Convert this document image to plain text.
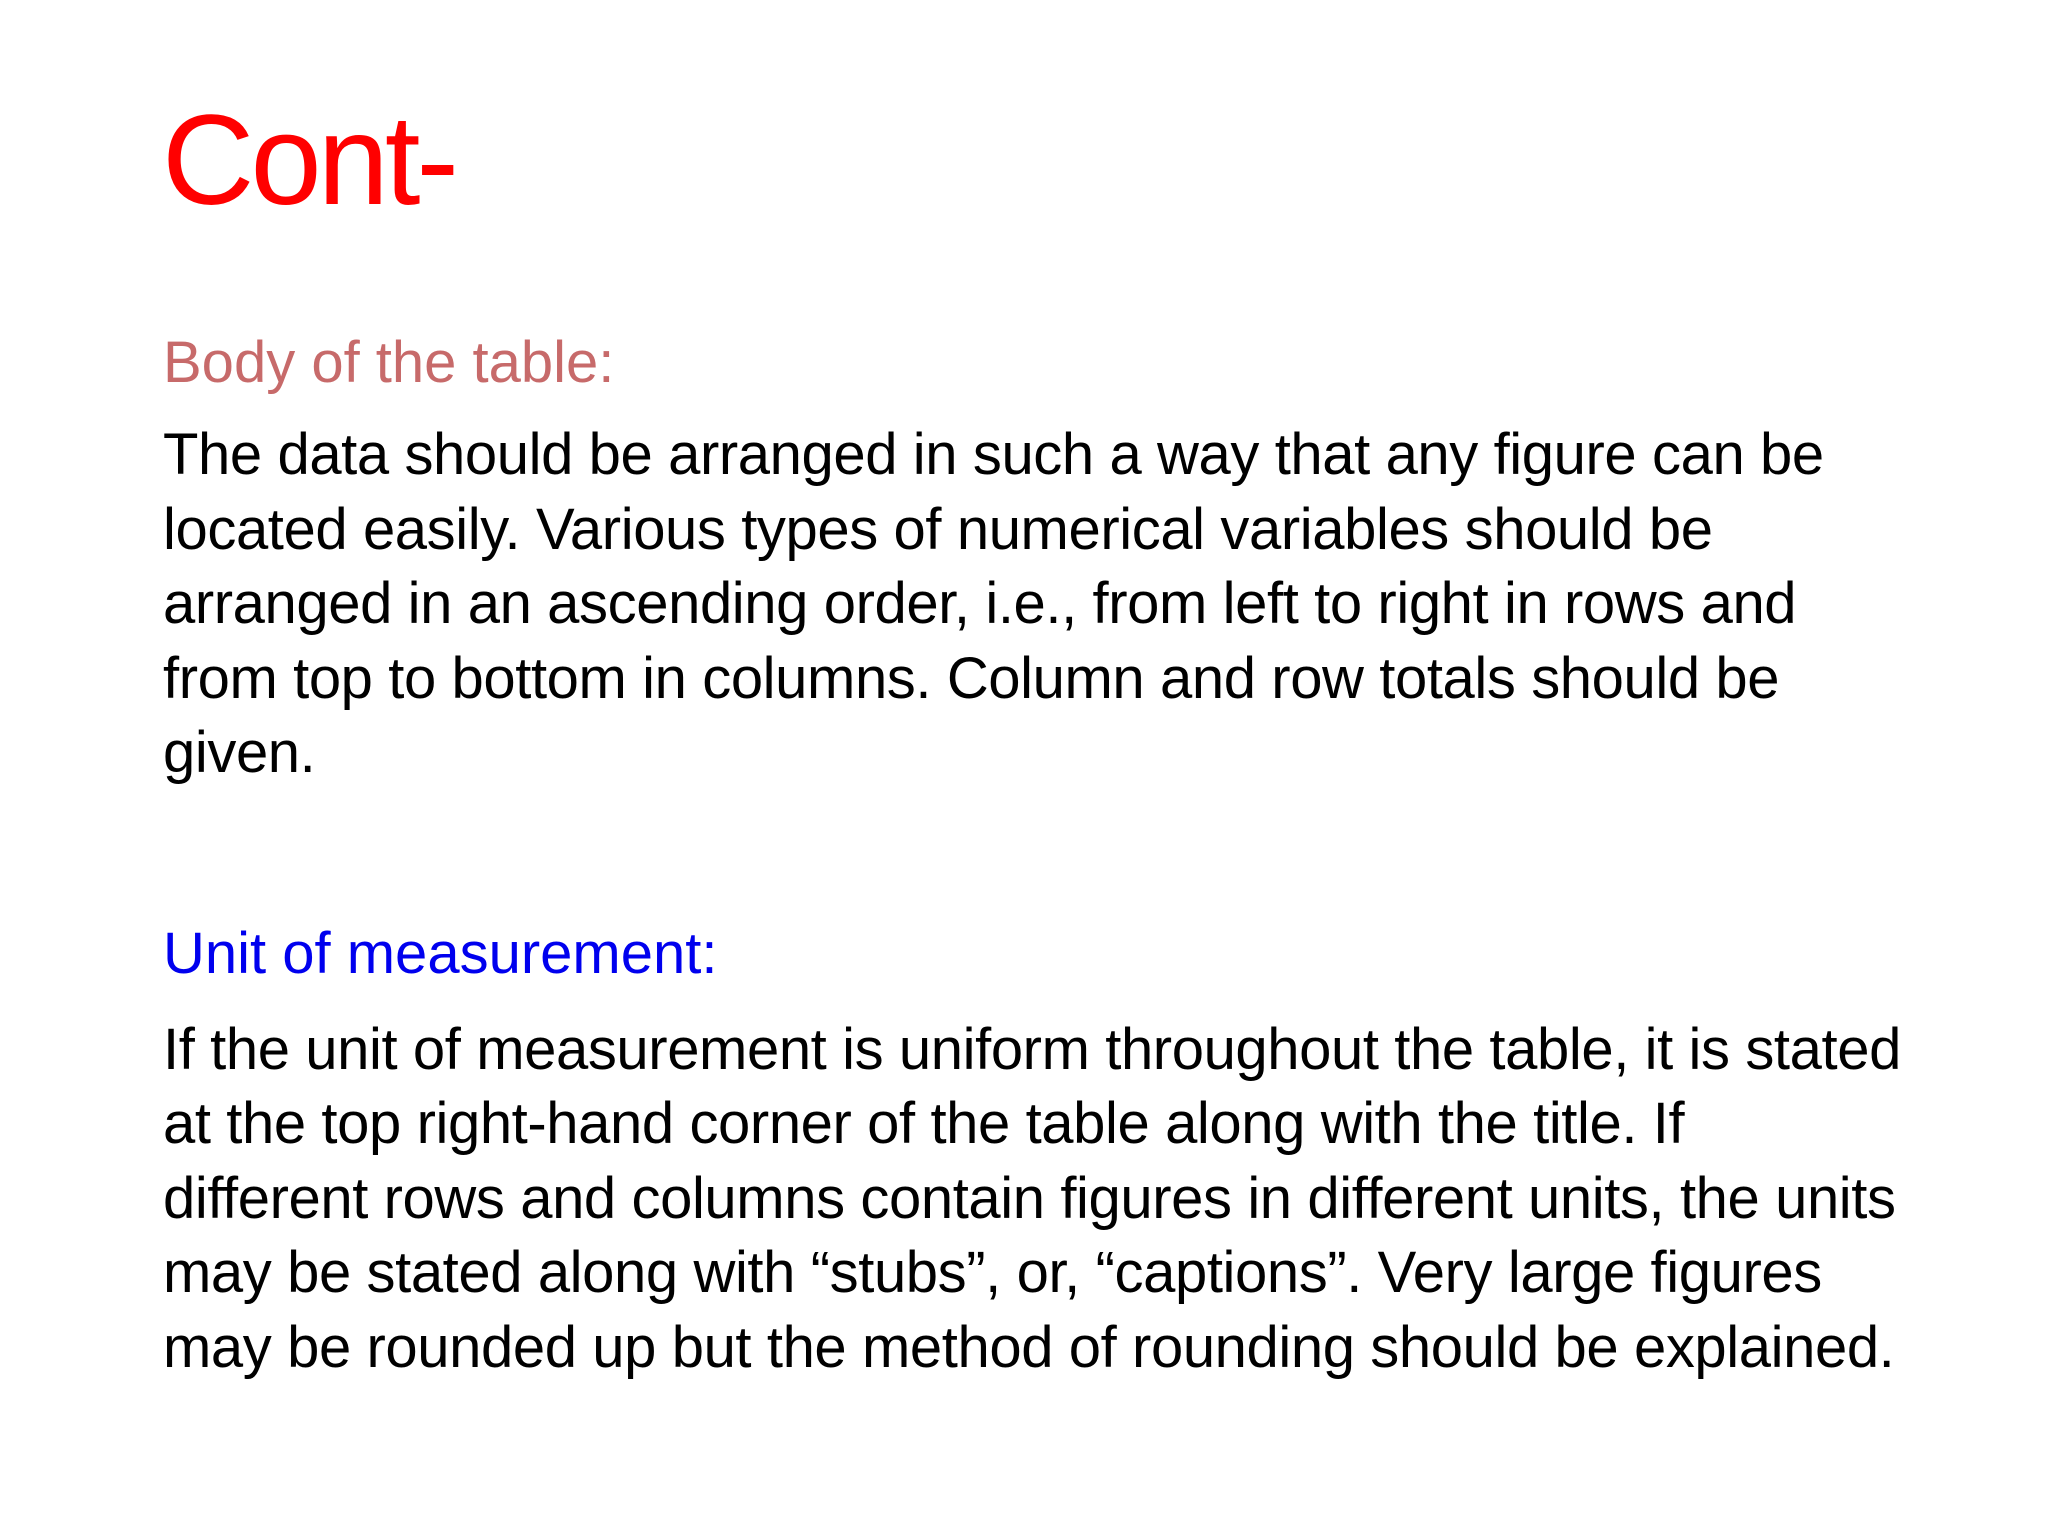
Cont-
Body of the table:

The data should be arranged in such a way that any figure can be located easily. Various types of numerical variables should be arranged in an ascending order, i.e., from left to right in rows and from top to bottom in columns. Column and row totals should be given.

Unit of measurement:

If the unit of measurement is uniform throughout the table, it is stated at the top right-hand corner of the table along with the title. If different rows and columns contain figures in different units, the units may be stated along with “stubs”, or, “captions”. Very large figures may be rounded up but the method of rounding should be explained.
